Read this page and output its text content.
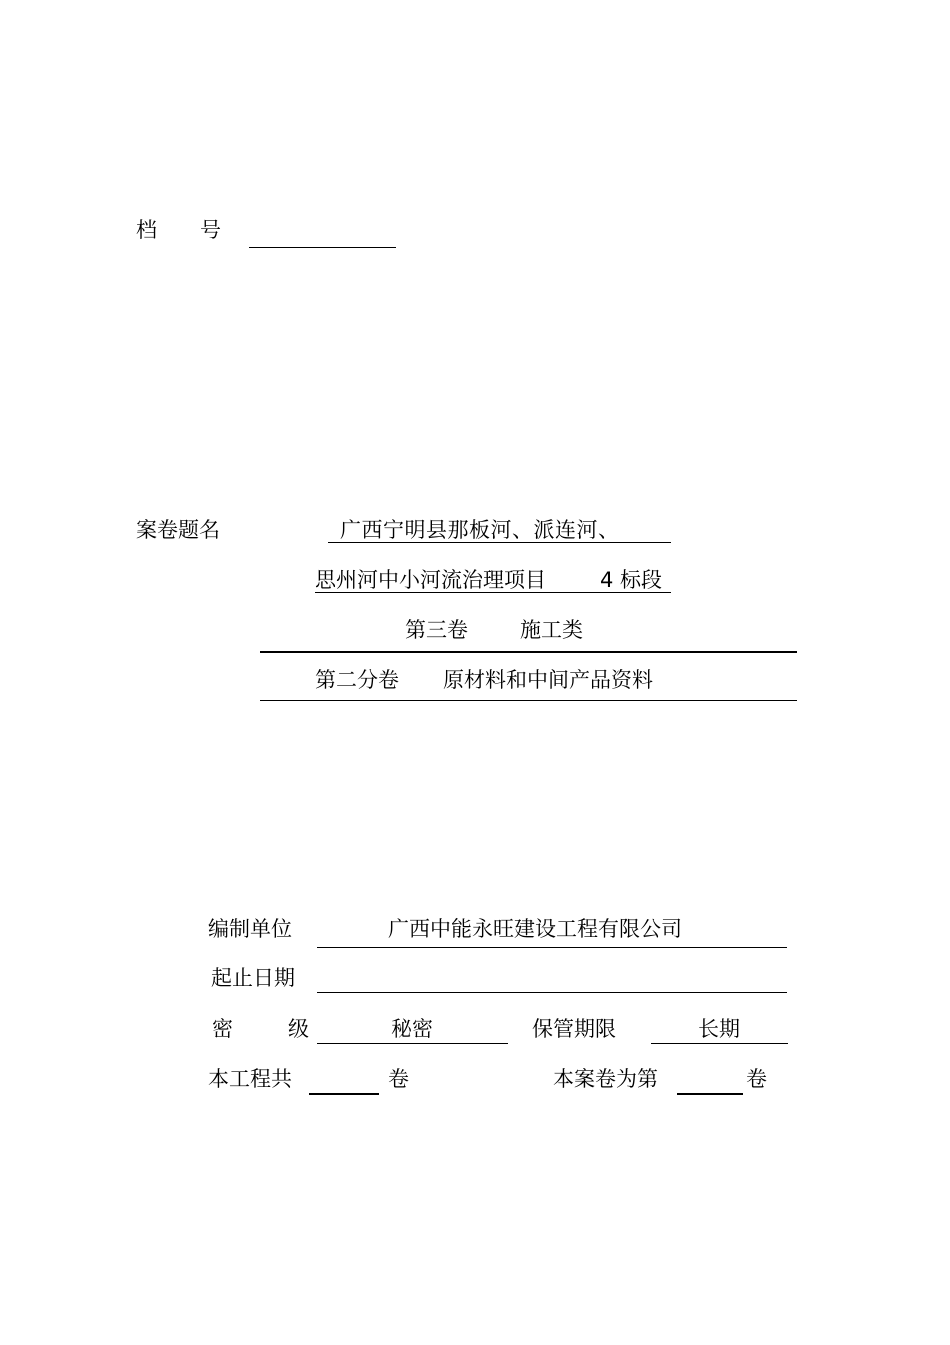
档 号
案卷题名	广西宁明县那板河、派连河、
思州河中小河流治理项目	4 标段
第三卷 施工类
第二分卷 原材料和中间产品资料
编制单位	广西中能永旺建设工程有限公司
起止日期
密	级	秘密	保管期限	长期
本工程共	卷	本案卷为第	卷
